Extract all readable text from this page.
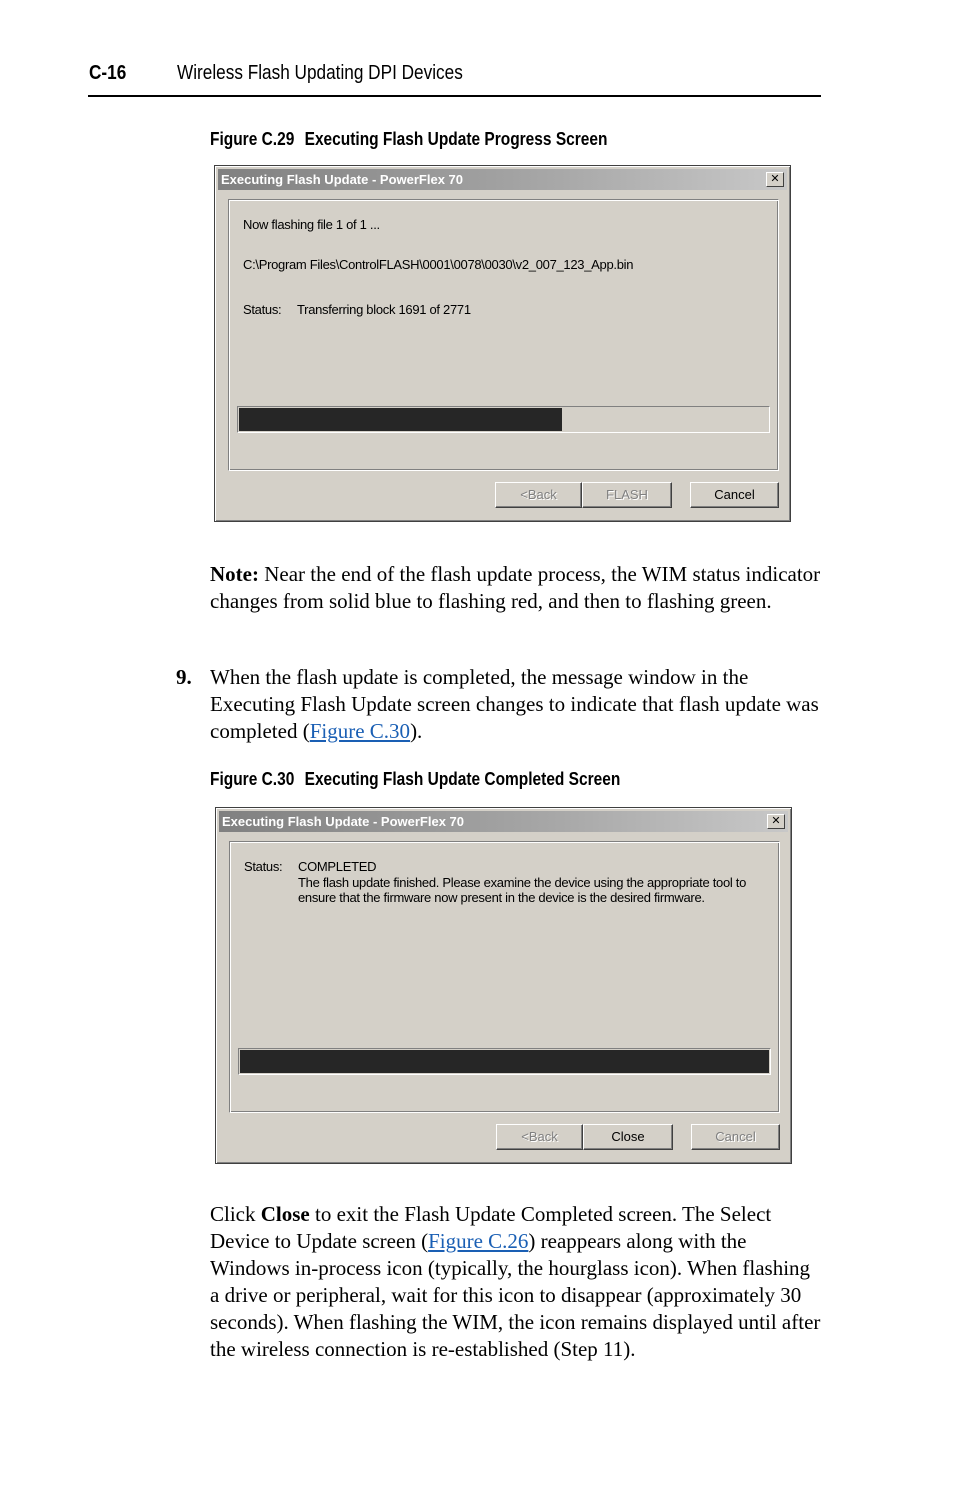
C-16	Wireless Flash Updating DPI Devices
Figure C.29 Executing Flash Update Progress Screen
Executing Flash Update - PowerFlex 70	✕
Now flashing file 1 of 1 ...
C:\Program Files\ControlFLASH\0001\0078\0030\v2_007_123_App.bin
Status: Transferring block 1691 of 2771
<Back	FLASH	Cancel
Note: Near the end of the flash update process, the WIM status indicator changes from solid blue to flashing red, and then to flashing green.
9. When the flash update is completed, the message window in the Executing Flash Update screen changes to indicate that flash update was completed (Figure C.30).
Figure C.30 Executing Flash Update Completed Screen
Executing Flash Update - PowerFlex 70	✕
Status: COMPLETED
The flash update finished. Please examine the device using the appropriate tool to
ensure that the firmware now present in the device is the desired firmware.
<Back	Close	Cancel
Click Close to exit the Flash Update Completed screen. The Select Device to Update screen (Figure C.26) reappears along with the Windows in-process icon (typically, the hourglass icon). When flashing a drive or peripheral, wait for this icon to disappear (approximately 30 seconds). When flashing the WIM, the icon remains displayed until after the wireless connection is re-established (Step 11).
